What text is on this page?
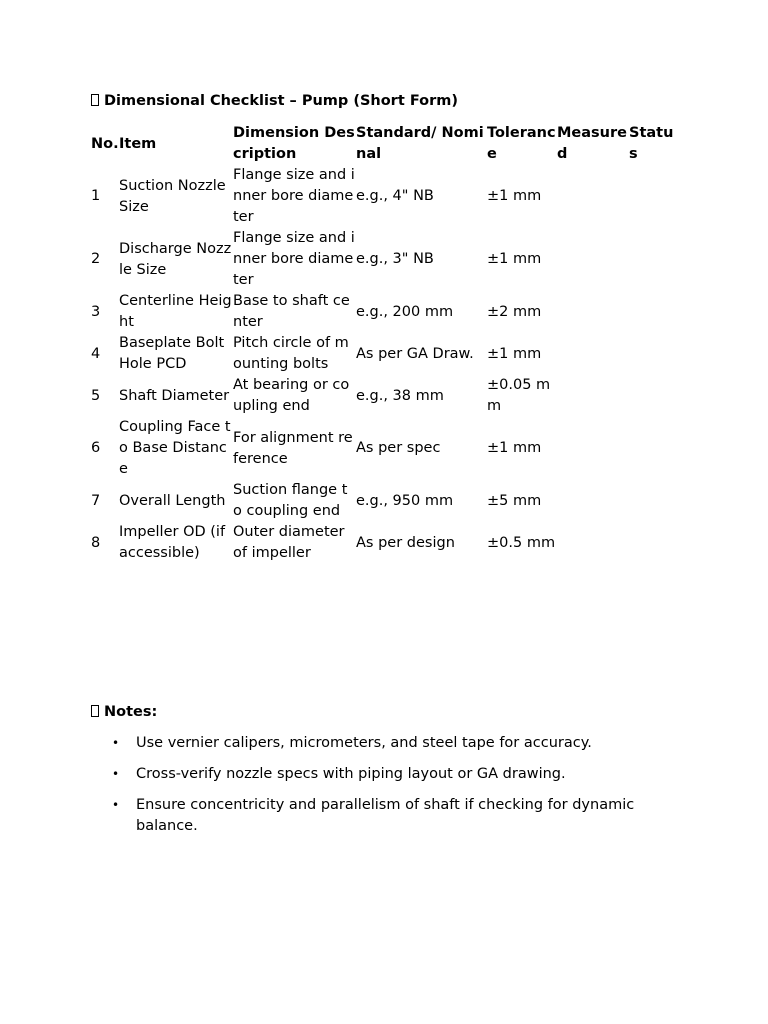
Dimensional Checklist – Pump (Short Form)
No.	Item	Dimension Description	Standard/ Nominal	Tolerance	Measured	Status
1	Suction Nozzle Size	Flange size and inner bore diameter	e.g., 4" NB	±1 mm		
2	Discharge Nozzle Size	Flange size and inner bore diameter	e.g., 3" NB	±1 mm		
3	Centerline Height	Base to shaft center	e.g., 200 mm	±2 mm		
4	Baseplate Bolt Hole PCD	Pitch circle of mounting bolts	As per GA Draw.	±1 mm		
5	Shaft Diameter	At bearing or coupling end	e.g., 38 mm	±0.05 mm		
6	Coupling Face to Base Distance	For alignment reference	As per spec	±1 mm		
7	Overall Length	Suction flange to coupling end	e.g., 950 mm	±5 mm		
8	Impeller OD (if accessible)	Outer diameter of impeller	As per design	±0.5 mm		
Notes:
• Use vernier calipers, micrometers, and steel tape for accuracy.
• Cross-verify nozzle specs with piping layout or GA drawing.
• Ensure concentricity and parallelism of shaft if checking for dynamic balance.
